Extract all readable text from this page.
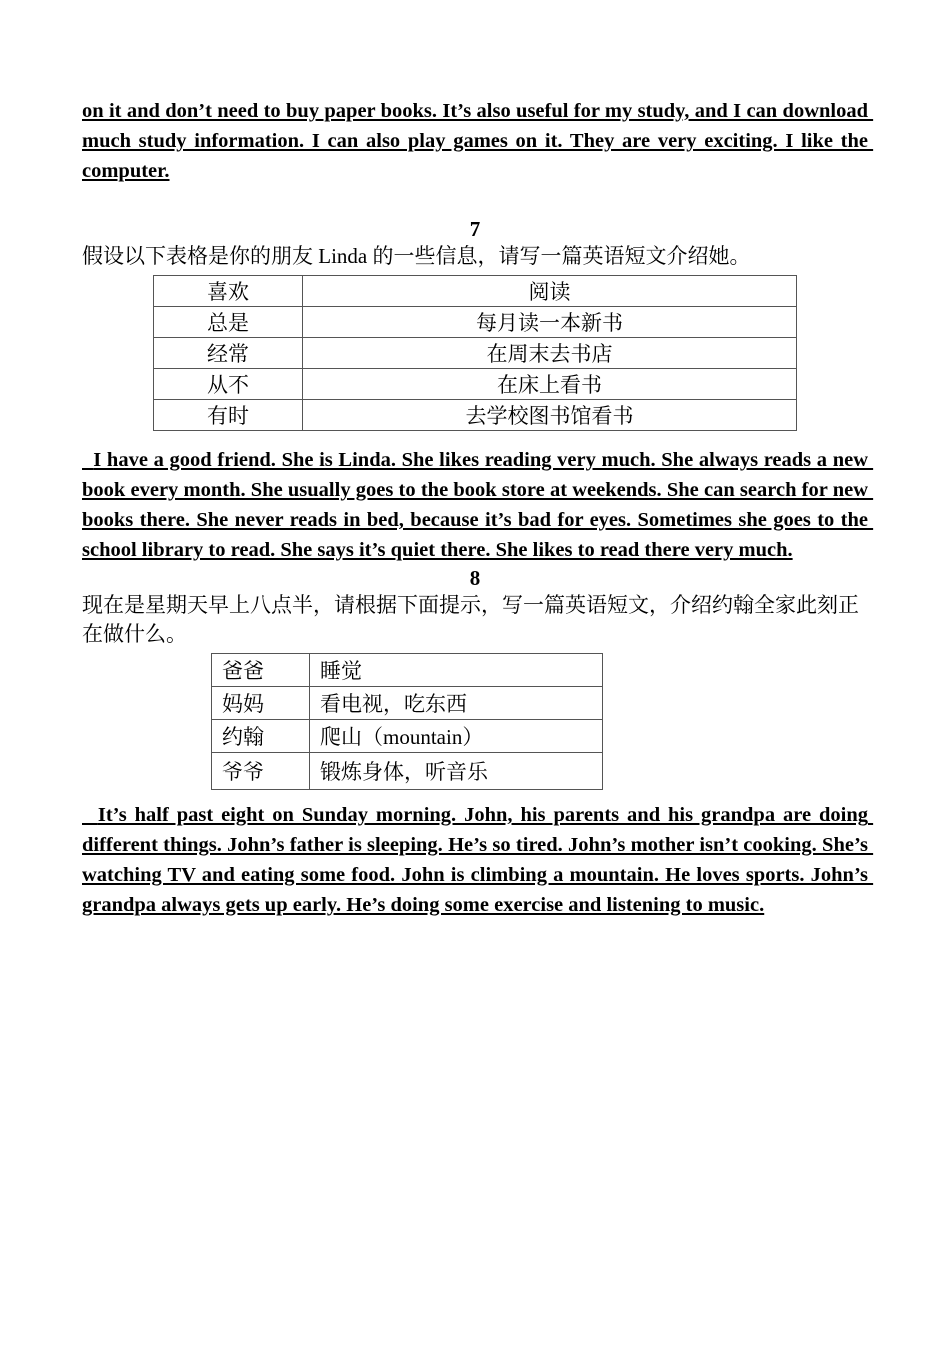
on it and don’t need to buy paper books. It’s also useful for my study, and I can download much study information. I can also play games on it. They are very exciting. I like the computer.

7

假设以下表格是你的朋友 Linda 的一些信息，请写一篇英语短文介绍她。

喜欢	阅读
总是	每月读一本新书
经常	在周末去书店
从不	在床上看书
有时	去学校图书馆看书

I have a good friend. She is Linda. She likes reading very much. She always reads a new book every month. She usually goes to the book store at weekends. She can search for new books there. She never reads in bed, because it’s bad for eyes. Sometimes she goes to the school library to read. She says it’s quiet there. She likes to read there very much.

8

现在是星期天早上八点半，请根据下面提示，写一篇英语短文，介绍约翰全家此刻正在做什么。

爸爸	睡觉
妈妈	看电视，吃东西
约翰	爬山（mountain）
爷爷	锻炼身体，听音乐

It’s half past eight on Sunday morning. John, his parents and his grandpa are doing different things. John’s father is sleeping. He’s so tired. John’s mother isn’t cooking. She’s watching TV and eating some food. John is climbing a mountain. He loves sports. John’s grandpa always gets up early. He’s doing some exercise and listening to music.
